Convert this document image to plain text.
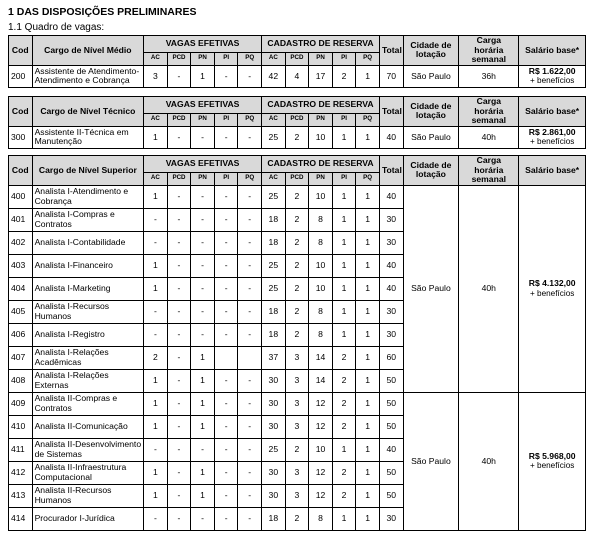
1 DAS DISPOSIÇÕES PRELIMINARES
1.1 Quadro de vagas:
Cod	Cargo de Nível Médio	VAGAS EFETIVAS					CADASTRO DE RESERVA					Total	Cidade de lotação	Carga horária semanal	Salário base*
		AC	PCD	PN	PI	PQ	AC	PCD	PN	PI	PQ				
200	Assistente de Atendimento-Atendimento e Cobrança	3	-	1	-	-	42	4	17	2	1	70	São Paulo	36h	R$ 1.622,00
+ benefícios
Cod	Cargo de Nível Técnico	VAGAS EFETIVAS					CADASTRO DE RESERVA					Total	Cidade de lotação	Carga horária semanal	Salário base*
		AC	PCD	PN	PI	PQ	AC	PCD	PN	PI	PQ				
300	Assistente II-Técnica em Manutenção	1	-	-	-	-	25	2	10	1	1	40	São Paulo	40h	R$ 2.861,00
+ benefícios
Cod	Cargo de Nível Superior	VAGAS EFETIVAS					CADASTRO DE RESERVA					Total	Cidade de lotação	Carga horária semanal	Salário base*
		AC	PCD	PN	PI	PQ	AC	PCD	PN	PI	PQ				
400	Analista I-Atendimento e Cobrança	1	-	-	-	-	25	2	10	1	1	40	São Paulo	40h	R$ 4.132,00
+ benefícios
401	Analista I-Compras e Contratos	-	-	-	-	-	18	2	8	1	1	30			
402	Analista I-Contabilidade	-	-	-	-	-	18	2	8	1	1	30			
403	Analista I-Financeiro	1	-	-	-	-	25	2	10	1	1	40			
404	Analista I-Marketing	1	-	-	-	-	25	2	10	1	1	40			
405	Analista I-Recursos Humanos	-	-	-	-	-	18	2	8	1	1	30			
406	Analista I-Registro	-	-	-	-	-	18	2	8	1	1	30			
407	Analista I-Relações Acadêmicas	2	-	1			37	3	14	2	1	60			
408	Analista I-Relações Externas	1	-	1	-	-	30	3	14	2	1	50			
409	Analista II-Compras e Contratos	1	-	1	-	-	30	3	12	2	1	50	São Paulo	40h	R$ 5.968,00
+ benefícios
410	Analista II-Comunicação	1	-	1	-	-	30	3	12	2	1	50			
411	Analista II-Desenvolvimento de Sistemas	-	-	-	-	-	25	2	10	1	1	40			
412	Analista II-Infraestrutura Computacional	1	-	1	-	-	30	3	12	2	1	50			
413	Analista II-Recursos Humanos	1	-	1	-	-	30	3	12	2	1	50			
414	Procurador I-Jurídica	-	-	-	-	-	18	2	8	1	1	30			
